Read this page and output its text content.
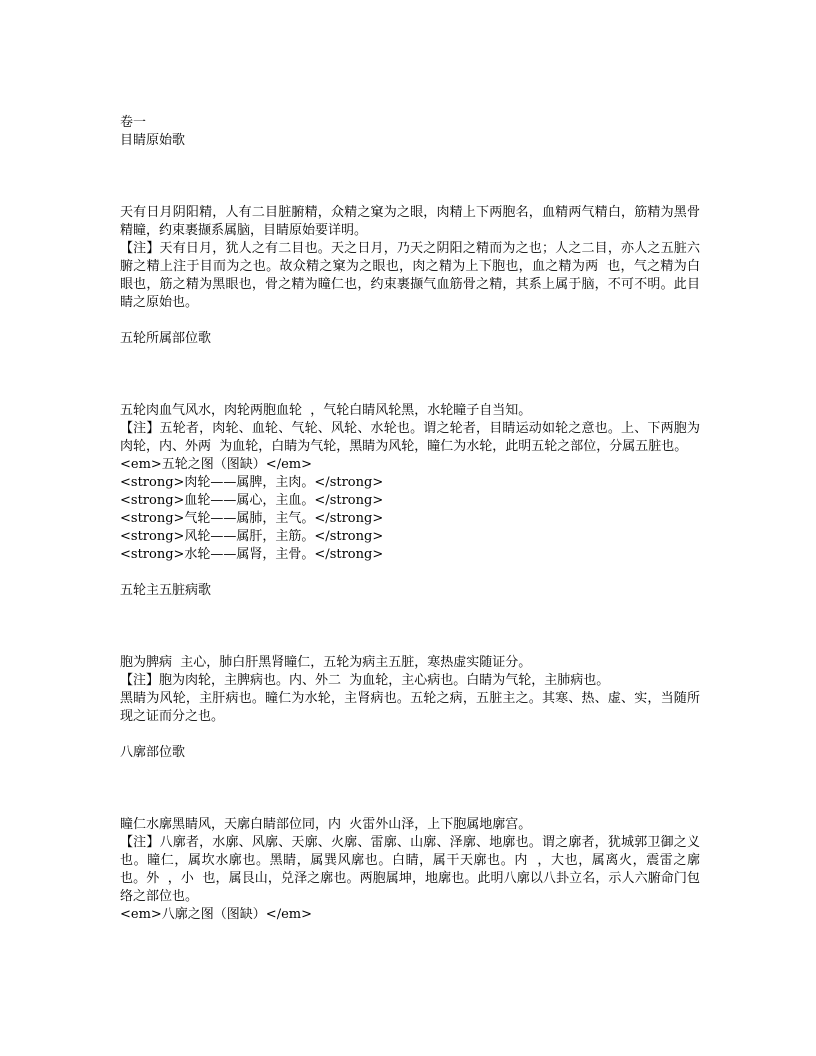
卷一
目睛原始歌

天有日月阴阳精，人有二目脏腑精，众精之窠为之眼，肉精上下两胞名，血精两气精白，筋精为黑骨精瞳，约束裹撷系属脑，目睛原始要详明。

【注】天有日月，犹人之有二目也。天之日月，乃天之阴阳之精而为之也；人之二目，亦人之五脏六腑之精上注于目而为之也。故众精之窠为之眼也，肉之精为上下胞也，血之精为两  也，气之精为白眼也，筋之精为黑眼也，骨之精为瞳仁也，约束裹撷气血筋骨之精，其系上属于脑，不可不明。此目睛之原始也。

五轮所属部位歌

五轮肉血气风水，肉轮两胞血轮  ，气轮白睛风轮黑，水轮瞳子自当知。

【注】五轮者，肉轮、血轮、气轮、风轮、水轮也。谓之轮者，目睛运动如轮之意也。上、下两胞为肉轮，内、外两  为血轮，白睛为气轮，黑睛为风轮，瞳仁为水轮，此明五轮之部位，分属五脏也。

<em>五轮之图（图缺）</em>
<strong>肉轮——属脾，主肉。</strong>
<strong>血轮——属心，主血。</strong>
<strong>气轮——属肺，主气。</strong>
<strong>风轮——属肝，主筋。</strong>
<strong>水轮——属肾，主骨。</strong>
五轮主五脏病歌

胞为脾病  主心，肺白肝黑肾瞳仁，五轮为病主五脏，寒热虚实随证分。

【注】胞为肉轮，主脾病也。内、外二  为血轮，主心病也。白睛为气轮，主肺病也。

黑睛为风轮，主肝病也。瞳仁为水轮，主肾病也。五轮之病，五脏主之。其寒、热、虚、实，当随所现之证而分之也。

八廓部位歌

瞳仁水廓黑睛风，天廓白睛部位同，内  火雷外山泽，上下胞属地廓宫。

【注】八廓者，水廓、风廓、天廓、火廓、雷廓、山廓、泽廓、地廓也。谓之廓者，犹城郭卫御之义也。瞳仁，属坎水廓也。黑睛，属巽风廓也。白睛，属干天廓也。内  ，大也，属离火，震雷之廓也。外  ，小  也，属艮山，兑泽之廓也。两胞属坤，地廓也。此明八廓以八卦立名，示人六腑命门包络之部位也。

<em>八廓之图（图缺）</em>
